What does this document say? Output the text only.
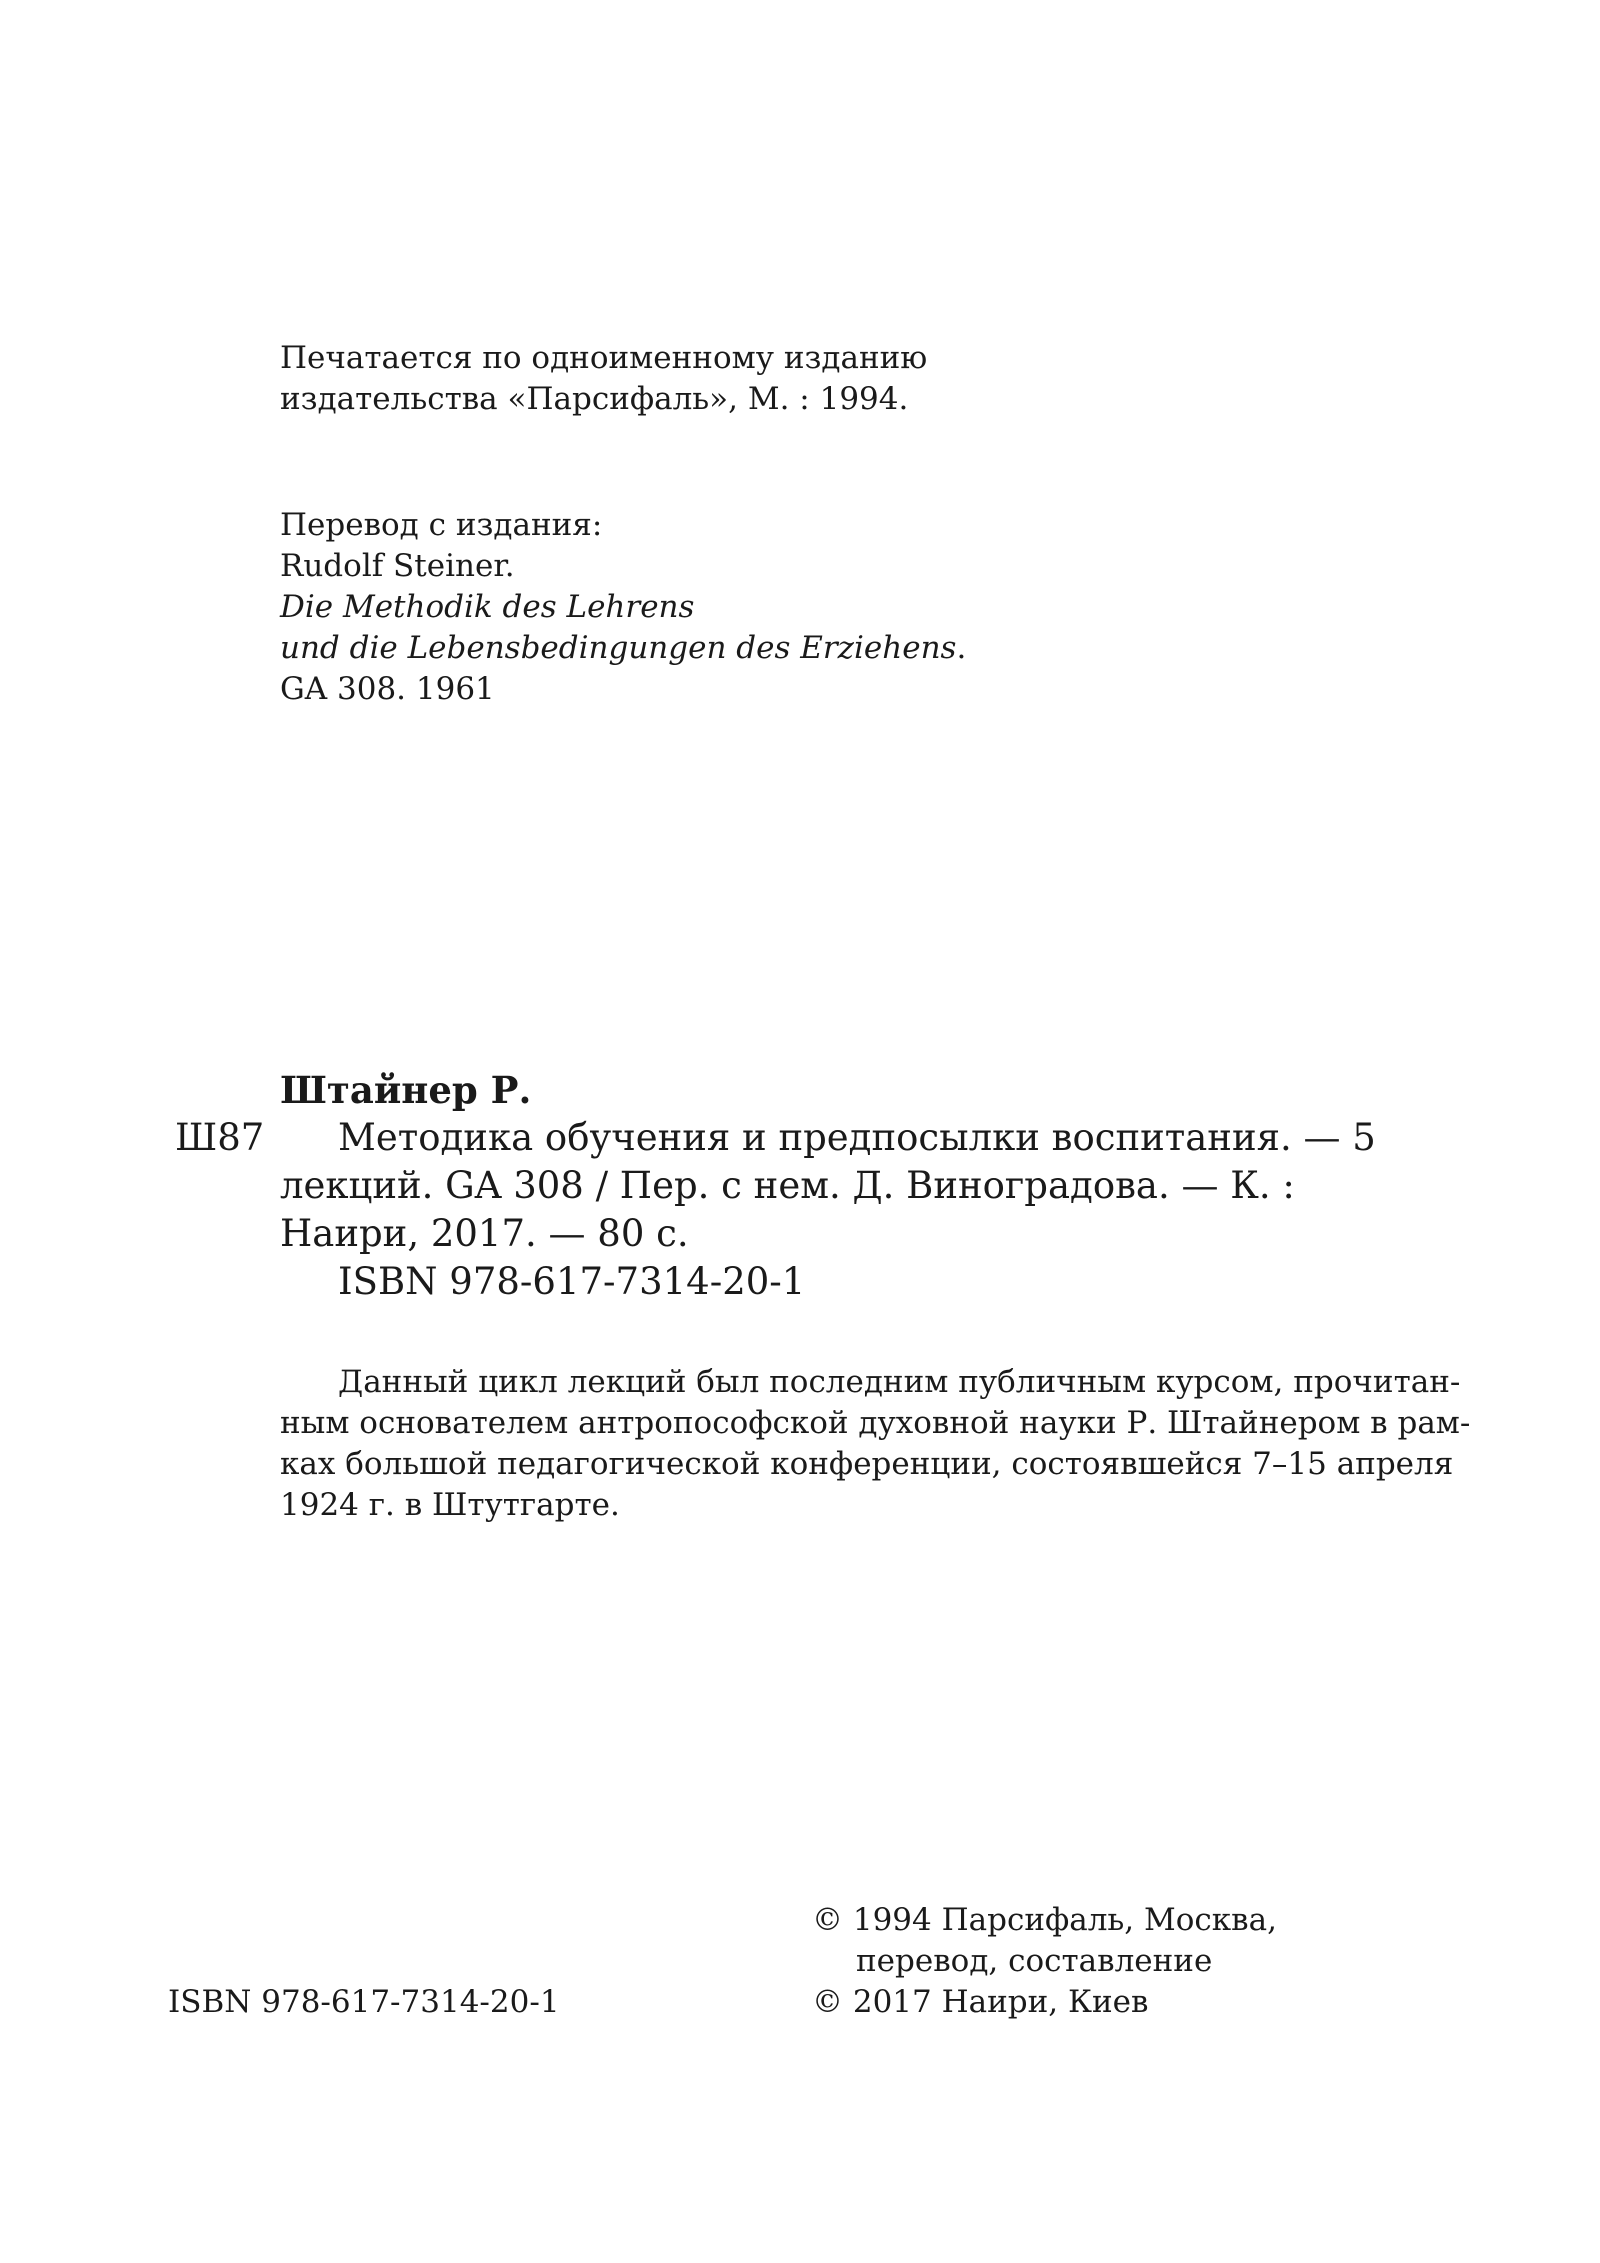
Печатается по одноименному изданию
издательства «Парсифаль», М. : 1994.
Перевод с издания:
Rudolf Steiner.
Die Methodik des Lehrens
und die Lebensbedingungen des Erziehens.
GA 308. 1961
Штайнер Р.
Ш87	Методика обучения и предпосылки воспитания. — 5
лекций. GA 308 / Пер. с нем. Д. Виноградова. — К. :
Наири, 2017. — 80 с.
ISBN 978-617-7314-20-1
Данный цикл лекций был последним публичным курсом, прочитан-
ным основателем антропософской духовной науки Р. Штайнером в рам-
ках большой педагогической конференции, состоявшейся 7–15 апреля
1924 г. в Штутгарте.
ISBN 978-617-7314-20-1
© 1994 Парсифаль, Москва,
перевод, составление
© 2017 Наири, Киев
